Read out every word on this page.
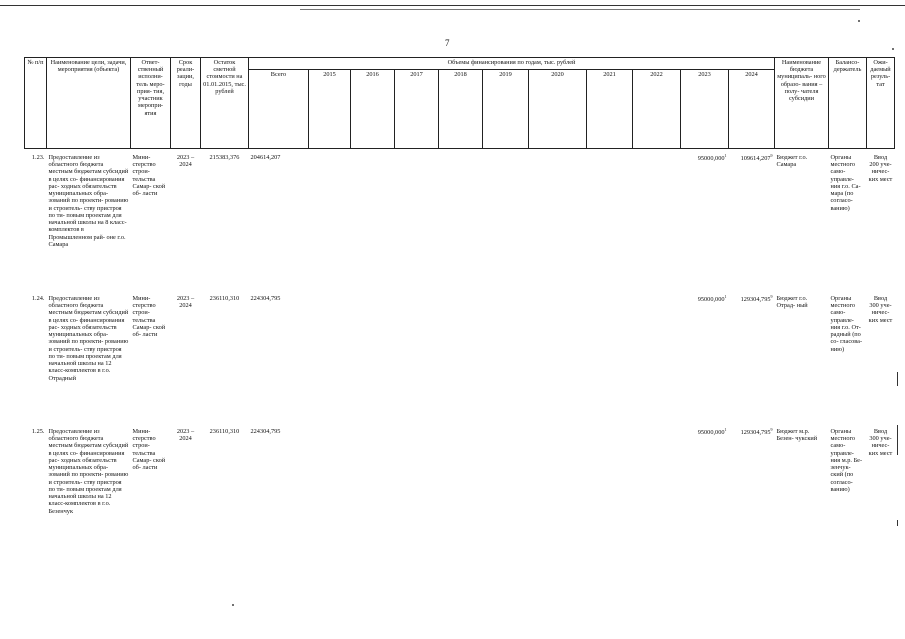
7
№ п/п	Наименование цели, задачи, мероприятия (объекта)	Ответ- ственный исполни- тель мероприя- тия, участник меропри- ятия	Срок реали- зации, годы	Остаток сметной стоимости на 01.01.2015, тыс. рублей	Объемы финансирования по годам, тыс. рублей											Наименование бюджета муниципаль- ного образо- вания – полу- чателя субсидии	Балансо- держатель	Ожи- даемый резуль- тат
					Всего	2015	2016	2017	2018	2019	2020	2021	2022	2023	2024			

1.23.	Предоставление из областного бюджета местным бюджетам субсидий в целях со- финансирования рас- ходных обязательств муниципальных обра- зований по проекти- рованию и строитель- ству пристроя по ти- повым проектам для начальной школы на 8 класс-комплектов в Промышленном рай- оне г.о. Самара	Мини- стерство строи- тельства Самар- ской об- ласти	2023 – 2024	215383,376	204614,207									95000,000$^1$	109614,207$^9$	Бюджет г.о. Самара	Органы местного само- управле- ния г.о. Са- мара (по согласо- ванию)	Ввод 200 уче- ничес- ких мест
1.24.	Предоставление из областного бюджета местным бюджетам субсидий в целях со- финансирования рас- ходных обязательств муниципальных обра- зований по проекти- рованию и строитель- ству пристроя по ти- повым проектам для начальной школы на 12 класс-комплектов в г.о. Отрадный	Мини- стерство строи- тельства Самар- ской об- ласти	2023 – 2024	236110,310	224304,795									95000,000$^1$	129304,795$^9$	Бюджет г.о. Отрад- ный	Органы местного само- управле- ния г.о. От- радный (по со- гласова- нию)	Ввод 300 уче- ничес- ких мест
1.25.	Предоставление из областного бюджета местным бюджетам субсидий в целях со- финансирования рас- ходных обязательств муниципальных обра- зований по проекти- рованию и строитель- ству пристроя по ти- повым проектам для начальной школы на 12 класс-комплектов в г.о. Безенчук	Мини- стерство строи- тельства Самар- ской об- ласти	2023 – 2024	236110,310	224304,795									95000,000$^1$	129304,795$^9$	Бюджет м.р. Безен- чукский	Органы местного само- управле- ния м.р. Бе- зенчук- ский (по согласо- ванию)	Ввод 300 уче- ничес- ких мест
